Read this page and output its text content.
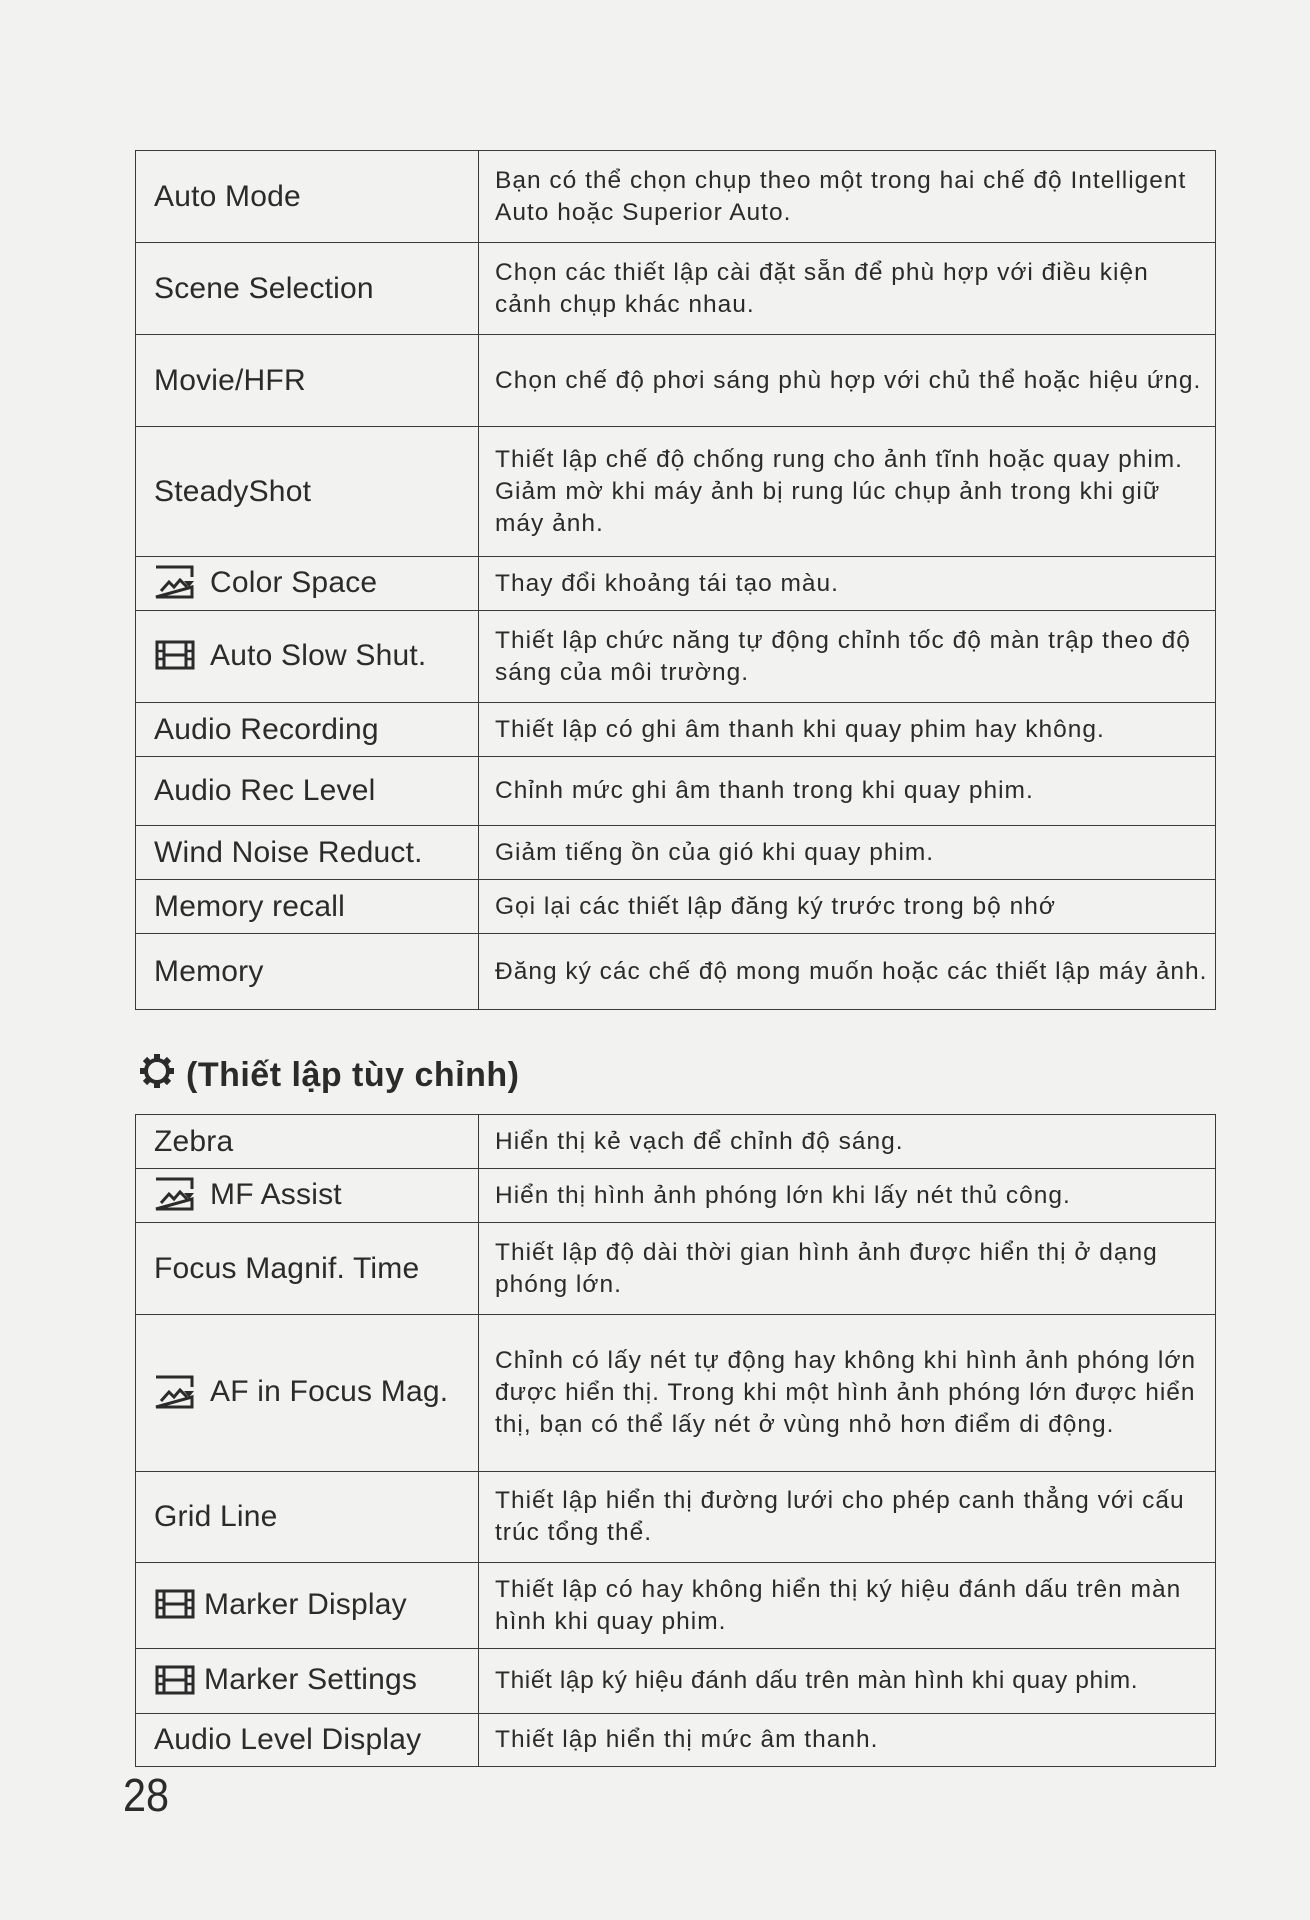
Auto Mode	Bạn có thể chọn chụp theo một trong hai chế độ Intelligent Auto hoặc Superior Auto.
Scene Selection	Chọn các thiết lập cài đặt sẵn để phù hợp với điều kiện cảnh chụp khác nhau.
Movie/HFR	Chọn chế độ phơi sáng phù hợp với chủ thể hoặc hiệu ứng.
SteadyShot	Thiết lập chế độ chống rung cho ảnh tĩnh hoặc quay phim. Giảm mờ khi máy ảnh bị rung lúc chụp ảnh trong khi giữ máy ảnh.

Color Space	Thay đổi khoảng tái tạo màu.

Auto Slow Shut.	Thiết lập chức năng tự động chỉnh tốc độ màn trập theo độ sáng của môi trường.
Audio Recording	Thiết lập có ghi âm thanh khi quay phim hay không.
Audio Rec Level	Chỉnh mức ghi âm thanh trong khi quay phim.
Wind Noise Reduct.	Giảm tiếng ồn của gió khi quay phim.
Memory recall	Gọi lại các thiết lập đăng ký trước trong bộ nhớ
Memory	Đăng ký các chế độ mong muốn hoặc các thiết lập máy ảnh.
(Thiết lập tùy chỉnh)
Zebra	Hiển thị kẻ vạch để chỉnh độ sáng.

MF Assist	Hiển thị hình ảnh phóng lớn khi lấy nét thủ công.
Focus Magnif. Time	Thiết lập độ dài thời gian hình ảnh được hiển thị ở dạng phóng lớn.

AF in Focus Mag.	Chỉnh có lấy nét tự động hay không khi hình ảnh phóng lớn được hiển thị. Trong khi một hình ảnh phóng lớn được hiển thị, bạn có thể lấy nét ở vùng nhỏ hơn điểm di động.
Grid Line	Thiết lập hiển thị đường lưới cho phép canh thẳng với cấu trúc tổng thể.

Marker Display	Thiết lập có hay không hiển thị ký hiệu đánh dấu trên màn hình khi quay phim.

Marker Settings	Thiết lập ký hiệu đánh dấu trên màn hình khi quay phim.
Audio Level Display	Thiết lập hiển thị mức âm thanh.
28
